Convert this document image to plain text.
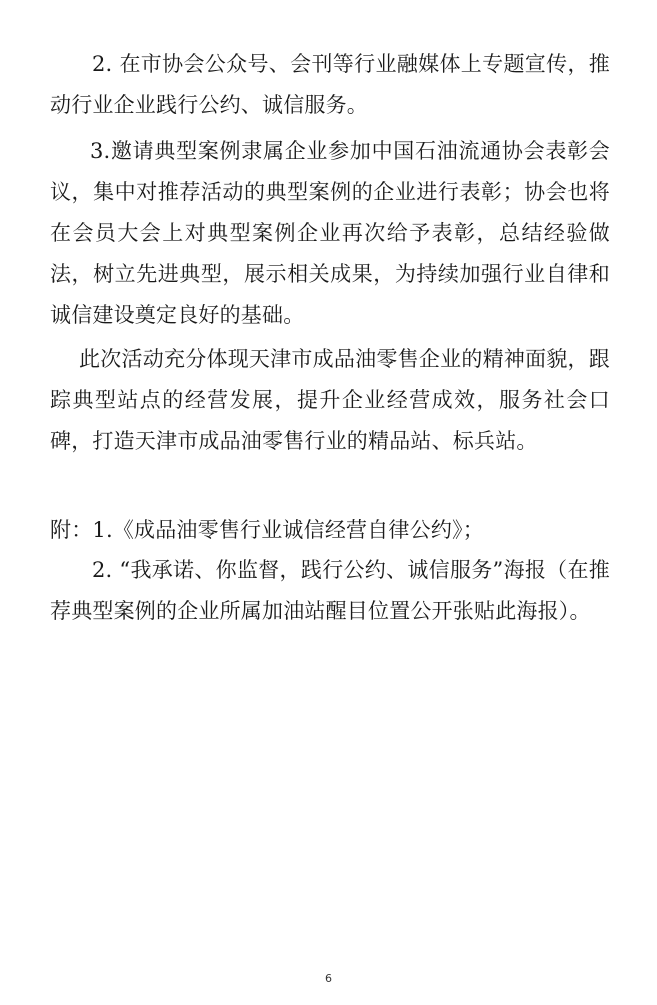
2. 在市协会公众号、会刊等行业融媒体上专题宣传，推动行业企业践行公约、诚信服务。

3.邀请典型案例隶属企业参加中国石油流通协会表彰会议，集中对推荐活动的典型案例的企业进行表彰；协会也将在会员大会上对典型案例企业再次给予表彰，总结经验做法，树立先进典型，展示相关成果，为持续加强行业自律和诚信建设奠定良好的基础。

此次活动充分体现天津市成品油零售企业的精神面貌，跟踪典型站点的经营发展，提升企业经营成效，服务社会口碑，打造天津市成品油零售行业的精品站、标兵站。

附：1.《成品油零售行业诚信经营自律公约》；

2. “我承诺、你监督，践行公约、诚信服务”海报（在推荐典型案例的企业所属加油站醒目位置公开张贴此海报）。

6
